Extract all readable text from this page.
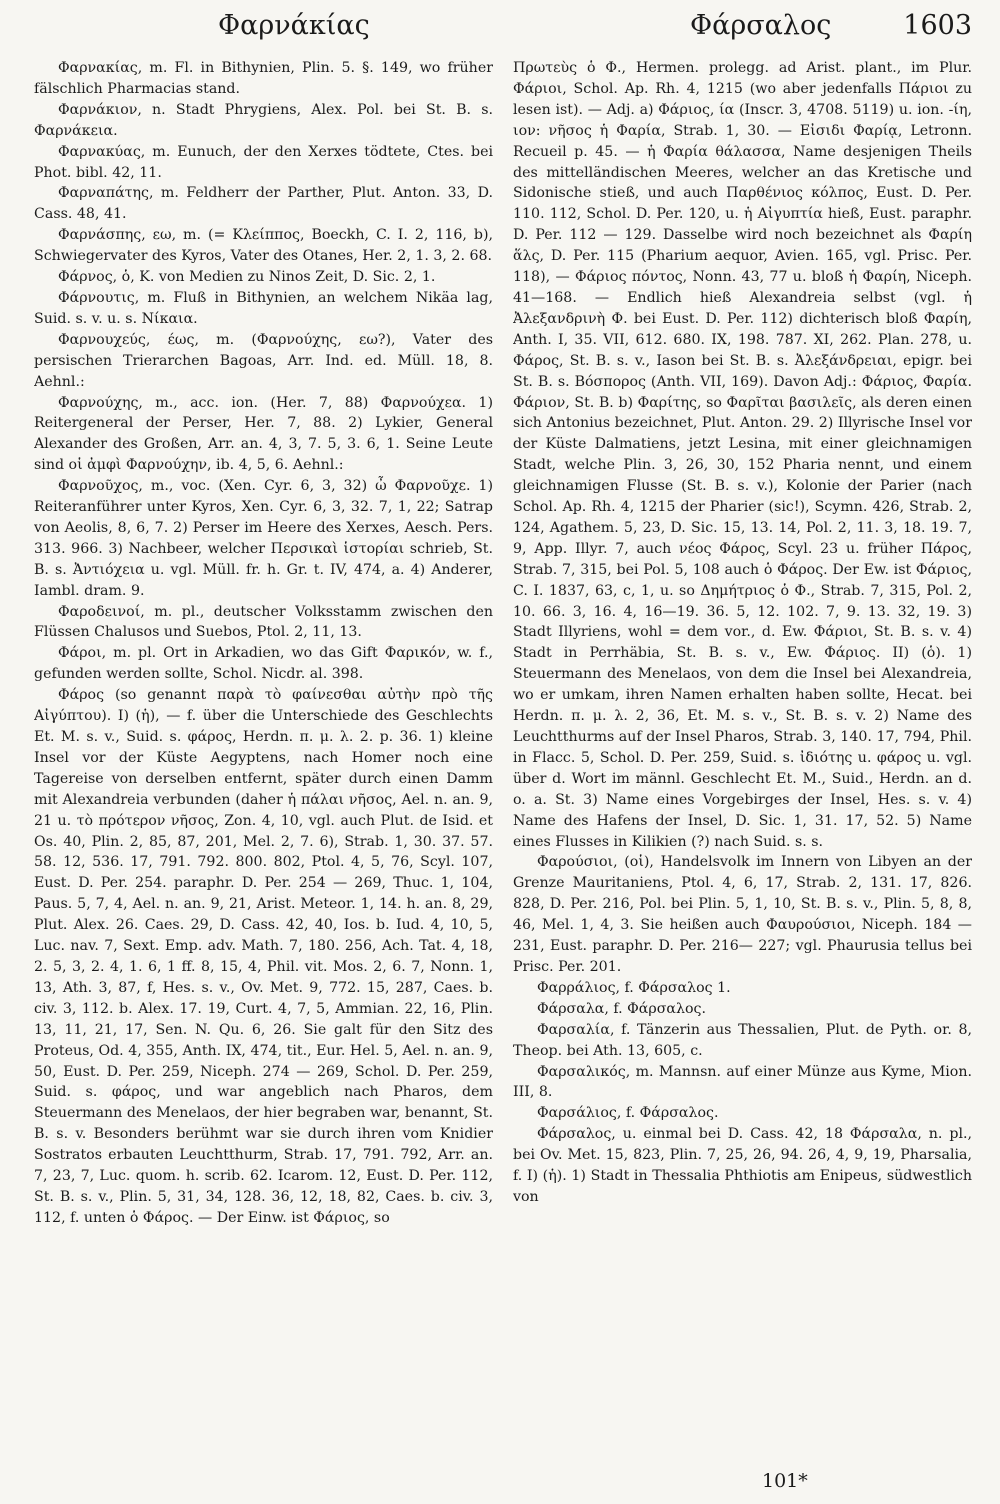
Φαρνάκίας	Φάρσαλος	1603

Φαρνακίας, m. Fl. in Bithynien, Plin. 5. §. 149, wo früher fälschlich Pharmacias stand.

Φαρνάκιον, n. Stadt Phrygiens, Alex. Pol. bei St. B. s. Φαρνάκεια.

Φαρνακύας, m. Eunuch, der den Xerxes tödtete, Ctes. bei Phot. bibl. 42, 11.

Φαρναπάτης, m. Feldherr der Parther, Plut. Anton. 33, D. Cass. 48, 41.

Φαρνάσπης, εω, m. (= Κλείππος, Boeckh, C. I. 2, 116, b), Schwiegervater des Kyros, Vater des Otanes, Her. 2, 1. 3, 2. 68.

Φάρνος, ὁ, K. von Medien zu Ninos Zeit, D. Sic. 2, 1.

Φάρνουτις, m. Fluß in Bithynien, an welchem Nikäa lag, Suid. s. v. u. s. Νίκαια.

Φαρνουχεύς, έως, m. (Φαρνούχης, εω?), Vater des persischen Trierarchen Bagoas, Arr. Ind. ed. Müll. 18, 8. Aehnl.:

Φαρνούχης, m., acc. ion. (Her. 7, 88) Φαρνούχεα. 1) Reitergeneral der Perser, Her. 7, 88. 2) Lykier, General Alexander des Großen, Arr. an. 4, 3, 7. 5, 3. 6, 1. Seine Leute sind οἱ ἀμφὶ Φαρνούχην, ib. 4, 5, 6. Aehnl.:

Φαρνοῦχος, m., voc. (Xen. Cyr. 6, 3, 32) ὦ Φαρνοῦχε. 1) Reiteranführer unter Kyros, Xen. Cyr. 6, 3, 32. 7, 1, 22; Satrap von Aeolis, 8, 6, 7. 2) Perser im Heere des Xerxes, Aesch. Pers. 313. 966. 3) Nachbeer, welcher Περσικαὶ ἱστορίαι schrieb, St. B. s. Ἀντιόχεια u. vgl. Müll. fr. h. Gr. t. IV, 474, a. 4) Anderer, Iambl. dram. 9.

Φαροδεινοί, m. pl., deutscher Volksstamm zwischen den Flüssen Chalusos und Suebos, Ptol. 2, 11, 13.

Φάροι, m. pl. Ort in Arkadien, wo das Gift Φαρικόν, w. f., gefunden werden sollte, Schol. Nicdr. al. 398.

Φάρος (so genannt παρὰ τὸ φαίνεσθαι αὐτὴν πρὸ τῆς Αἰγύπτου). I) (ἡ), — f. über die Unterschiede des Geschlechts Et. M. s. v., Suid. s. φάρος, Herdn. π. μ. λ. 2. p. 36. 1) kleine Insel vor der Küste Aegyptens, nach Homer noch eine Tagereise von derselben entfernt, später durch einen Damm mit Alexandreia verbunden (daher ἡ πάλαι νῆσος, Ael. n. an. 9, 21 u. τὸ πρότερον νῆσος, Zon. 4, 10, vgl. auch Plut. de Isid. et Os. 40, Plin. 2, 85, 87, 201, Mel. 2, 7. 6), Strab. 1, 30. 37. 57. 58. 12, 536. 17, 791. 792. 800. 802, Ptol. 4, 5, 76, Scyl. 107, Eust. D. Per. 254. paraphr. D. Per. 254 — 269, Thuc. 1, 104, Paus. 5, 7, 4, Ael. n. an. 9, 21, Arist. Meteor. 1, 14. h. an. 8, 29, Plut. Alex. 26. Caes. 29, D. Cass. 42, 40, Ios. b. Iud. 4, 10, 5, Luc. nav. 7, Sext. Emp. adv. Math. 7, 180. 256, Ach. Tat. 4, 18, 2. 5, 3, 2. 4, 1. 6, 1 ff. 8, 15, 4, Phil. vit. Mos. 2, 6. 7, Nonn. 1, 13, Ath. 3, 87, f, Hes. s. v., Ov. Met. 9, 772. 15, 287, Caes. b. civ. 3, 112. b. Alex. 17. 19, Curt. 4, 7, 5, Ammian. 22, 16, Plin. 13, 11, 21, 17, Sen. N. Qu. 6, 26. Sie galt für den Sitz des Proteus, Od. 4, 355, Anth. IX, 474, tit., Eur. Hel. 5, Ael. n. an. 9, 50, Eust. D. Per. 259, Niceph. 274 — 269, Schol. D. Per. 259, Suid. s. φάρος, und war angeblich nach Pharos, dem Steuermann des Menelaos, der hier begraben war, benannt, St. B. s. v. Besonders berühmt war sie durch ihren vom Knidier Sostratos erbauten Leuchtthurm, Strab. 17, 791. 792, Arr. an. 7, 23, 7, Luc. quom. h. scrib. 62. Icarom. 12, Eust. D. Per. 112, St. B. s. v., Plin. 5, 31, 34, 128. 36, 12, 18, 82, Caes. b. civ. 3, 112, f. unten ὁ Φάρος. — Der Einw. ist Φάριος, so

Πρωτεὺς ὁ Φ., Hermen. prolegg. ad Arist. plant., im Plur. Φάριοι, Schol. Ap. Rh. 4, 1215 (wo aber jedenfalls Πάριοι zu lesen ist). — Adj. a) Φάριος, ία (Inscr. 3, 4708. 5119) u. ion. -ίη, ιον: νῆσος ἡ Φαρία, Strab. 1, 30. — Εἰσιδι Φαρίᾳ, Letronn. Recueil p. 45. — ἡ Φαρία θάλασσα, Name desjenigen Theils des mittelländischen Meeres, welcher an das Kretische und Sidonische stieß, und auch Παρθένιος κόλπος, Eust. D. Per. 110. 112, Schol. D. Per. 120, u. ἡ Αἰγυπτία hieß, Eust. paraphr. D. Per. 112 — 129. Dasselbe wird noch bezeichnet als Φαρίη ἅλς, D. Per. 115 (Pharium aequor, Avien. 165, vgl. Prisc. Per. 118), — Φάριος πόντος, Nonn. 43, 77 u. bloß ἡ Φαρίη, Niceph. 41—168. — Endlich hieß Alexandreia selbst (vgl. ἡ Ἀλεξανδρινὴ Φ. bei Eust. D. Per. 112) dichterisch bloß Φαρίη, Anth. I, 35. VII, 612. 680. IX, 198. 787. XI, 262. Plan. 278, u. Φάρος, St. B. s. v., Iason bei St. B. s. Ἀλεξάνδρειαι, epigr. bei St. B. s. Βόσπορος (Anth. VII, 169). Davon Adj.: Φάριος, Φαρία. Φάριον, St. B. b) Φαρίτης, so Φαρῖται βασιλεῖς, als deren einen sich Antonius bezeichnet, Plut. Anton. 29. 2) Illyrische Insel vor der Küste Dalmatiens, jetzt Lesina, mit einer gleichnamigen Stadt, welche Plin. 3, 26, 30, 152 Pharia nennt, und einem gleichnamigen Flusse (St. B. s. v.), Kolonie der Parier (nach Schol. Ap. Rh. 4, 1215 der Pharier (sic!), Scymn. 426, Strab. 2, 124, Agathem. 5, 23, D. Sic. 15, 13. 14, Pol. 2, 11. 3, 18. 19. 7, 9, App. Illyr. 7, auch νέος Φάρος, Scyl. 23 u. früher Πάρος, Strab. 7, 315, bei Pol. 5, 108 auch ὁ Φάρος. Der Ew. ist Φάριος, C. I. 1837, 63, c, 1, u. so Δημήτριος ὁ Φ., Strab. 7, 315, Pol. 2, 10. 66. 3, 16. 4, 16—19. 36. 5, 12. 102. 7, 9. 13. 32, 19. 3) Stadt Illyriens, wohl = dem vor., d. Ew. Φάριοι, St. B. s. v. 4) Stadt in Perrhäbia, St. B. s. v., Ew. Φάριος. II) (ὁ). 1) Steuermann des Menelaos, von dem die Insel bei Alexandreia, wo er umkam, ihren Namen erhalten haben sollte, Hecat. bei Herdn. π. μ. λ. 2, 36, Et. M. s. v., St. B. s. v. 2) Name des Leuchtthurms auf der Insel Pharos, Strab. 3, 140. 17, 794, Phil. in Flacc. 5, Schol. D. Per. 259, Suid. s. ἰδιότης u. φάρος u. vgl. über d. Wort im männl. Geschlecht Et. M., Suid., Herdn. an d. o. a. St. 3) Name eines Vorgebirges der Insel, Hes. s. v. 4) Name des Hafens der Insel, D. Sic. 1, 31. 17, 52. 5) Name eines Flusses in Kilikien (?) nach Suid. s. s.

Φαρούσιοι, (οἱ), Handelsvolk im Innern von Libyen an der Grenze Mauritaniens, Ptol. 4, 6, 17, Strab. 2, 131. 17, 826. 828, D. Per. 216, Pol. bei Plin. 5, 1, 10, St. B. s. v., Plin. 5, 8, 8, 46, Mel. 1, 4, 3. Sie heißen auch Φαυρούσιοι, Niceph. 184 — 231, Eust. paraphr. D. Per. 216— 227; vgl. Phaurusia tellus bei Prisc. Per. 201.

Φαρράλιος, f. Φάρσαλος 1.

Φάρσαλα, f. Φάρσαλος.

Φαρσαλία, f. Tänzerin aus Thessalien, Plut. de Pyth. or. 8, Theop. bei Ath. 13, 605, c.

Φαρσαλικός, m. Mannsn. auf einer Münze aus Kyme, Mion. III, 8.

Φαρσάλιος, f. Φάρσαλος.

Φάρσαλος, u. einmal bei D. Cass. 42, 18 Φάρσαλα, n. pl., bei Ov. Met. 15, 823, Plin. 7, 25, 26, 94. 26, 4, 9, 19, Pharsalia, f. I) (ἡ). 1) Stadt in Thessalia Phthiotis am Enipeus, südwestlich von

101*
